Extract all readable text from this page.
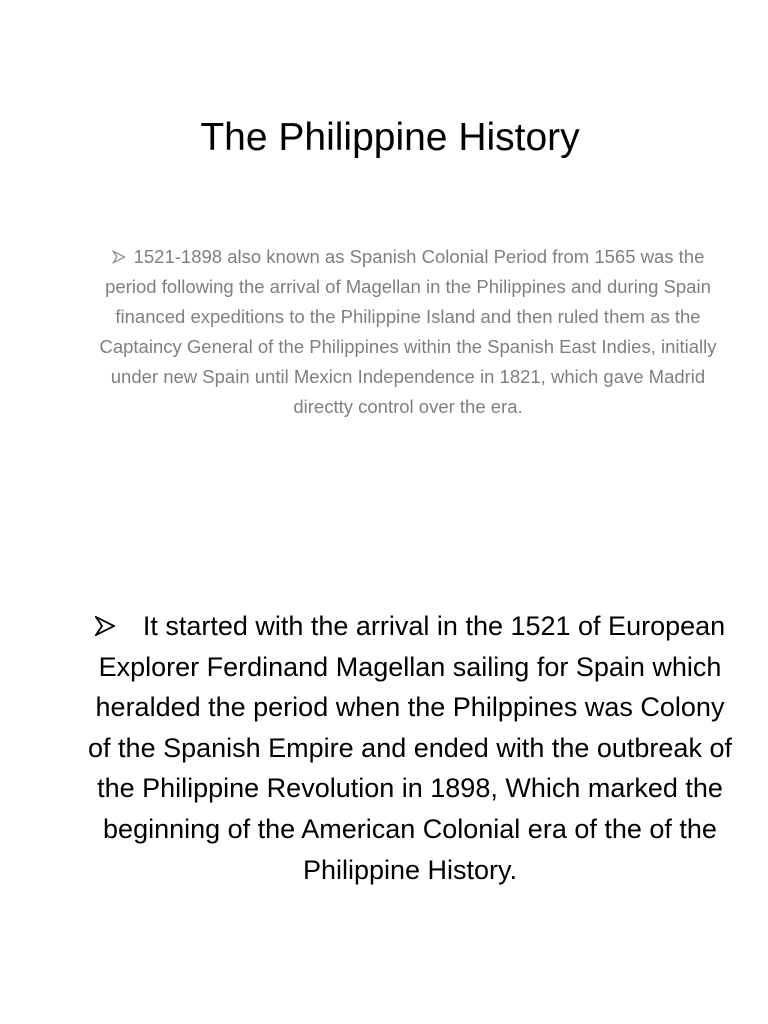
The Philippine History

1521-1898 also known as Spanish Colonial Period from 1565 was the period following the arrival of Magellan in the Philippines and during Spain financed expeditions to the Philippine Island and then ruled them as the Captaincy General of the Philippines within the Spanish East Indies, initially under new Spain until Mexicn Independence in 1821, which gave Madrid directty control over the era.

It started with the arrival in the 1521 of European Explorer Ferdinand Magellan sailing for Spain which heralded the period when the Philppines was Colony of the Spanish Empire and ended with the outbreak of the Philippine Revolution in 1898, Which marked the beginning of the American Colonial era of the of the Philippine History.
